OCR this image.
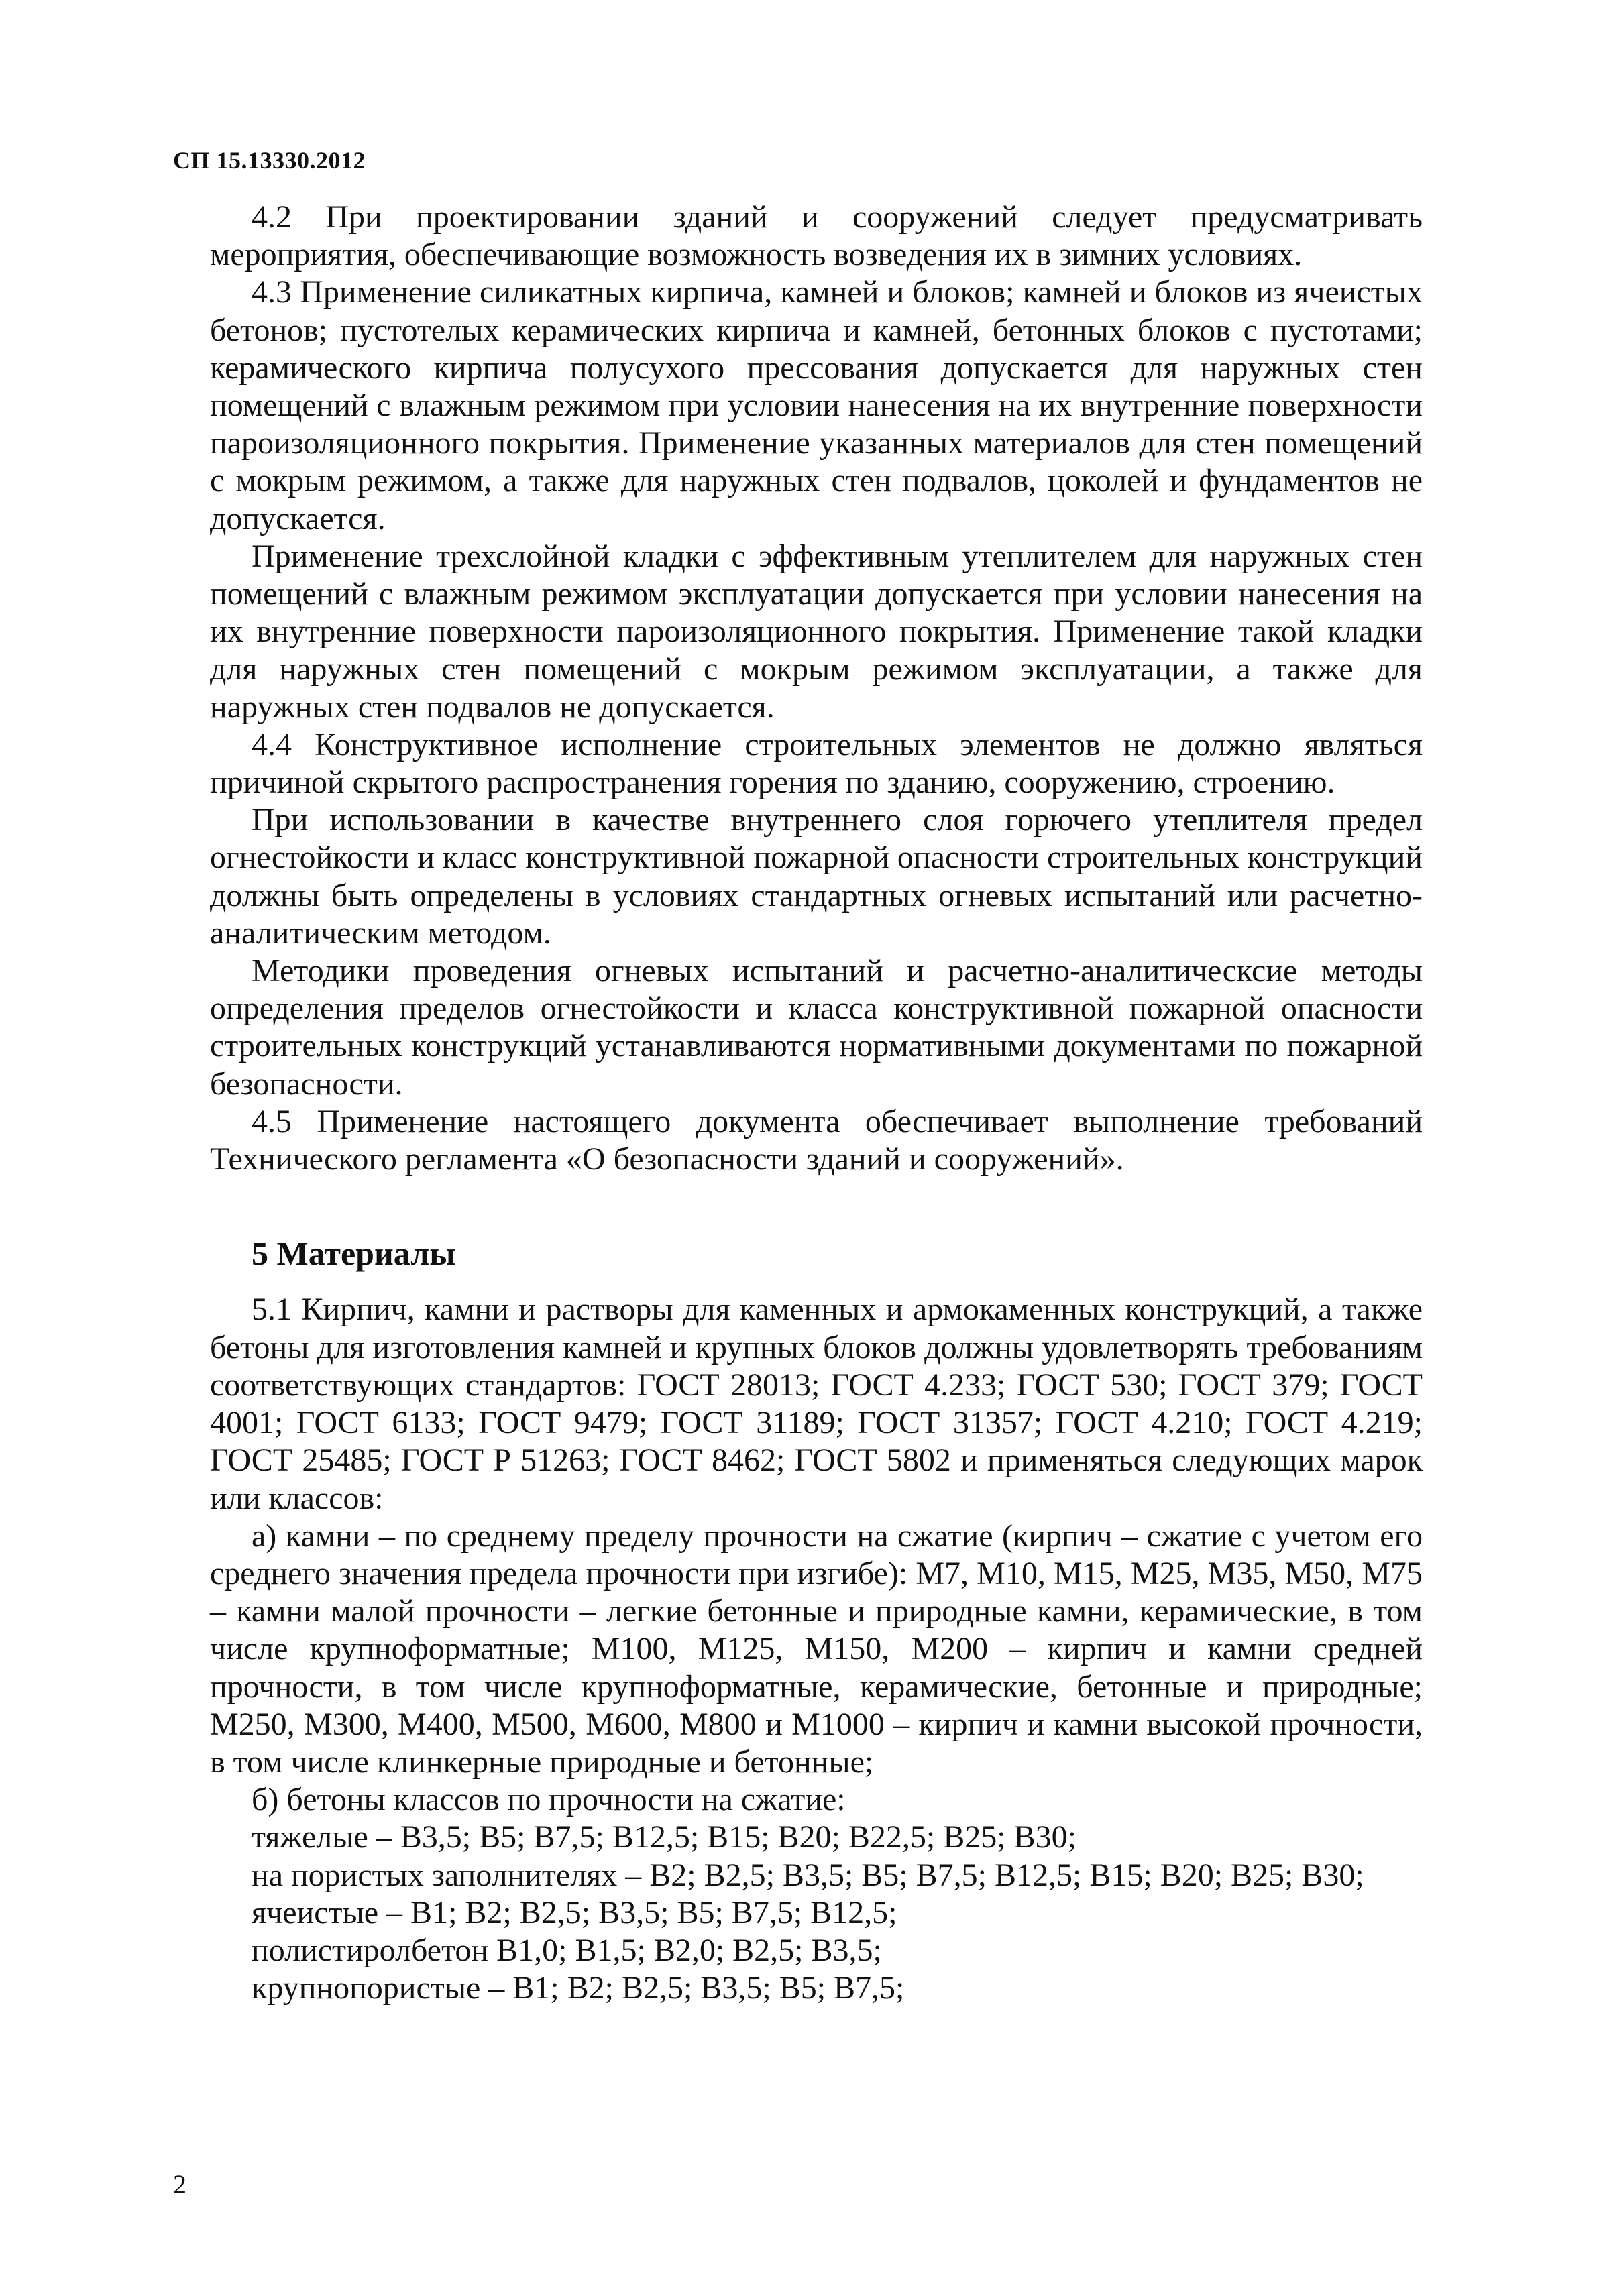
СП 15.13330.2012

4.2 При проектировании зданий и сооружений следует предусматривать мероприятия, обеспечивающие возможность возведения их в зимних условиях.

4.3 Применение силикатных кирпича, камней и блоков; камней и блоков из ячеистых бетонов; пустотелых керамических кирпича и камней, бетонных блоков с пустотами; керамического кирпича полусухого прессования допускается для наружных стен помещений с влажным режимом при условии нанесения на их внутренние поверхности пароизоляционного покрытия. Применение указанных материалов для стен помещений с мокрым режимом, а также для наружных стен подвалов, цоколей и фундаментов не допускается.

Применение трехслойной кладки с эффективным утеплителем для наружных стен помещений с влажным режимом эксплуатации допускается при условии нанесения на их внутренние поверхности пароизоляционного покрытия. Применение такой кладки для наружных стен помещений с мокрым режимом эксплуатации, а также для наружных стен подвалов не допускается.

4.4 Конструктивное исполнение строительных элементов не должно являться причиной скрытого распространения горения по зданию, сооружению, строению.

При использовании в качестве внутреннего слоя горючего утеплителя предел огнестойкости и класс конструктивной пожарной опасности строительных конструкций должны быть определены в условиях стандартных огневых испытаний или расчетно-аналитическим методом.

Методики проведения огневых испытаний и расчетно-аналитическсие методы определения пределов огнестойкости и класса конструктивной пожарной опасности строительных конструкций устанавливаются нормативными документами по пожарной безопасности.

4.5 Применение настоящего документа обеспечивает выполнение требований Технического регламента «О безопасности зданий и сооружений».

5 Материалы

5.1 Кирпич, камни и растворы для каменных и армокаменных конструкций, а также бетоны для изготовления камней и крупных блоков должны удовлетворять требованиям соответствующих стандартов: ГОСТ 28013; ГОСТ 4.233; ГОСТ 530; ГОСТ 379; ГОСТ 4001; ГОСТ 6133; ГОСТ 9479; ГОСТ 31189; ГОСТ 31357; ГОСТ 4.210; ГОСТ 4.219; ГОСТ 25485; ГОСТ Р 51263; ГОСТ 8462; ГОСТ 5802 и применяться следующих марок или классов:

а) камни – по среднему пределу прочности на сжатие (кирпич – сжатие с учетом его среднего значения предела прочности при изгибе): М7, М10, М15, М25, М35, М50, М75 – камни малой прочности – легкие бетонные и природные камни, керамические, в том числе крупноформатные; М100, М125, М150, М200 – кирпич и камни средней прочности, в том числе крупноформатные, керамические, бетонные и природные; М250, М300, М400, М500, М600, М800 и М1000 – кирпич и камни высокой прочности, в том числе клинкерные природные и бетонные;

б) бетоны классов по прочности на сжатие:

тяжелые – В3,5; В5; В7,5; В12,5; В15; В20; В22,5; В25; В30;

на пористых заполнителях – В2; В2,5; В3,5; В5; В7,5; В12,5; В15; В20; В25; В30;

ячеистые – В1; В2; В2,5; В3,5; В5; В7,5; В12,5;

полистиролбетон В1,0; В1,5; В2,0; В2,5; В3,5;

крупнопористые – В1; В2; В2,5; В3,5; В5; В7,5;

2
